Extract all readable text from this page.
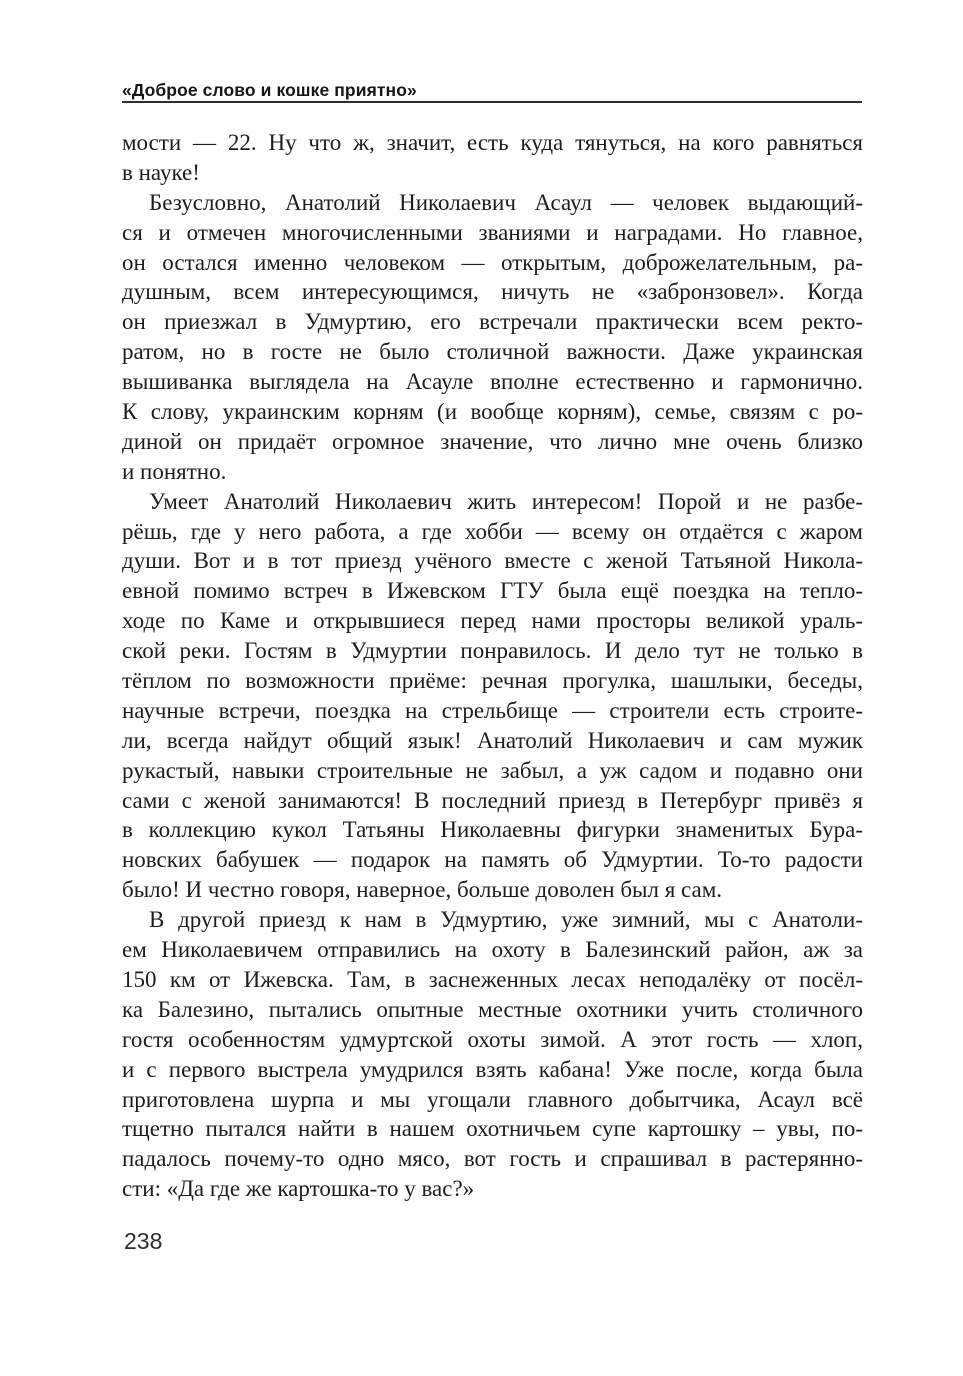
«Доброе слово и кошке приятно»
мости — 22. Ну что ж, значит, есть куда тянуться, на кого равняться
в науке!
Безусловно, Анатолий Николаевич Асаул — человек выдающий-
ся и отмечен многочисленными званиями и наградами. Но главное,
он остался именно человеком — открытым, доброжелательным, ра-
душным, всем интересующимся, ничуть не «забронзовел». Когда
он приезжал в Удмуртию, его встречали практически всем ректо-
ратом, но в госте не было столичной важности. Даже украинская
вышиванка выглядела на Асауле вполне естественно и гармонично.
К слову, украинским корням (и вообще корням), семье, связям с ро-
диной он придаёт огромное значение, что лично мне очень близко
и понятно.
Умеет Анатолий Николаевич жить интересом! Порой и не разбе-
рёшь, где у него работа, а где хобби — всему он отдаётся с жаром
души. Вот и в тот приезд учёного вместе с женой Татьяной Никола-
евной помимо встреч в Ижевском ГТУ была ещё поездка на тепло-
ходе по Каме и открывшиеся перед нами просторы великой ураль-
ской реки. Гостям в Удмуртии понравилось. И дело тут не только в
тёплом по возможности приёме: речная прогулка, шашлыки, беседы,
научные встречи, поездка на стрельбище — строители есть строите-
ли, всегда найдут общий язык! Анатолий Николаевич и сам мужик
рукастый, навыки строительные не забыл, а уж садом и подавно они
сами с женой занимаются! В последний приезд в Петербург привёз я
в коллекцию кукол Татьяны Николаевны фигурки знаменитых Бура-
новских бабушек — подарок на память об Удмуртии. То-то радости
было! И честно говоря, наверное, больше доволен был я сам.
В другой приезд к нам в Удмуртию, уже зимний, мы с Анатоли-
ем Николаевичем отправились на охоту в Балезинский район, аж за
150 км от Ижевска. Там, в заснеженных лесах неподалёку от посёл-
ка Балезино, пытались опытные местные охотники учить столичного
гостя особенностям удмуртской охоты зимой. А этот гость — хлоп,
и с первого выстрела умудрился взять кабана! Уже после, когда была
приготовлена шурпа и мы угощали главного добытчика, Асаул всё
тщетно пытался найти в нашем охотничьем супе картошку – увы, по-
падалось почему-то одно мясо, вот гость и спрашивал в растерянно-
сти: «Да где же картошка-то у вас?»
238
